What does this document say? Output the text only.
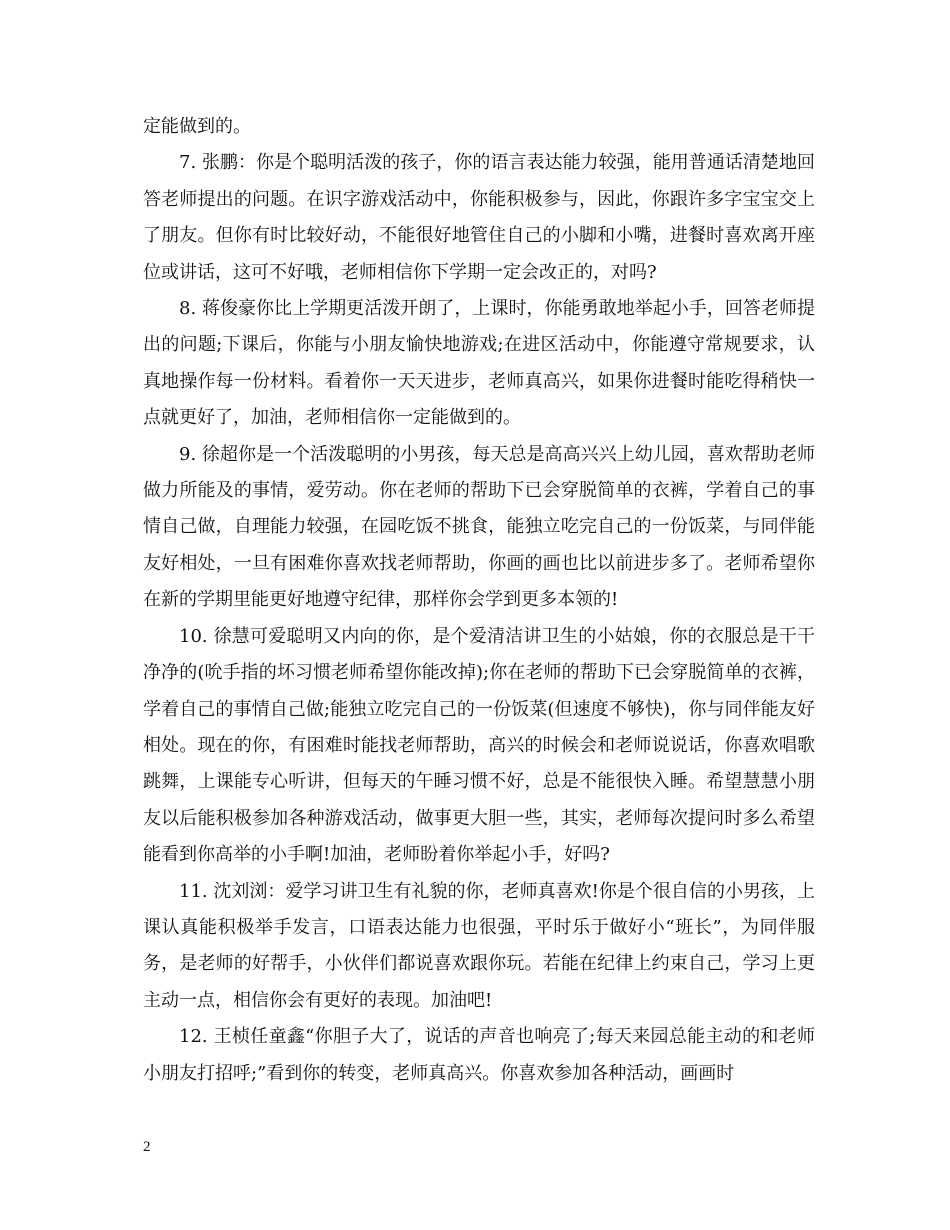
定能做到的。

7. 张鹏：你是个聪明活泼的孩子，你的语言表达能力较强，能用普通话清楚地回答老师提出的问题。在识字游戏活动中，你能积极参与，因此，你跟许多字宝宝交上了朋友。但你有时比较好动，不能很好地管住自己的小脚和小嘴，进餐时喜欢离开座位或讲话，这可不好哦，老师相信你下学期一定会改正的，对吗?

8. 蒋俊豪你比上学期更活泼开朗了，上课时，你能勇敢地举起小手，回答老师提出的问题;下课后，你能与小朋友愉快地游戏;在进区活动中，你能遵守常规要求，认真地操作每一份材料。看着你一天天进步，老师真高兴，如果你进餐时能吃得稍快一点就更好了，加油，老师相信你一定能做到的。

9. 徐超你是一个活泼聪明的小男孩，每天总是高高兴兴上幼儿园，喜欢帮助老师做力所能及的事情，爱劳动。你在老师的帮助下已会穿脱简单的衣裤，学着自己的事情自己做，自理能力较强，在园吃饭不挑食，能独立吃完自己的一份饭菜，与同伴能友好相处，一旦有困难你喜欢找老师帮助，你画的画也比以前进步多了。老师希望你在新的学期里能更好地遵守纪律，那样你会学到更多本领的!

10. 徐慧可爱聪明又内向的你，是个爱清洁讲卫生的小姑娘，你的衣服总是干干净净的(吮手指的坏习惯老师希望你能改掉);你在老师的帮助下已会穿脱简单的衣裤，学着自己的事情自己做;能独立吃完自己的一份饭菜(但速度不够快)，你与同伴能友好相处。现在的你，有困难时能找老师帮助，高兴的时候会和老师说说话，你喜欢唱歌跳舞，上课能专心听讲，但每天的午睡习惯不好，总是不能很快入睡。希望慧慧小朋友以后能积极参加各种游戏活动，做事更大胆一些，其实，老师每次提问时多么希望能看到你高举的小手啊!加油，老师盼着你举起小手，好吗?

11. 沈刘浏：爱学习讲卫生有礼貌的你，老师真喜欢!你是个很自信的小男孩，上课认真能积极举手发言，口语表达能力也很强，平时乐于做好小“班长”，为同伴服务，是老师的好帮手，小伙伴们都说喜欢跟你玩。若能在纪律上约束自己，学习上更主动一点，相信你会有更好的表现。加油吧!

12. 王桢任童鑫“你胆子大了，说话的声音也响亮了;每天来园总能主动的和老师小朋友打招呼;”看到你的转变，老师真高兴。你喜欢参加各种活动，画画时

2
